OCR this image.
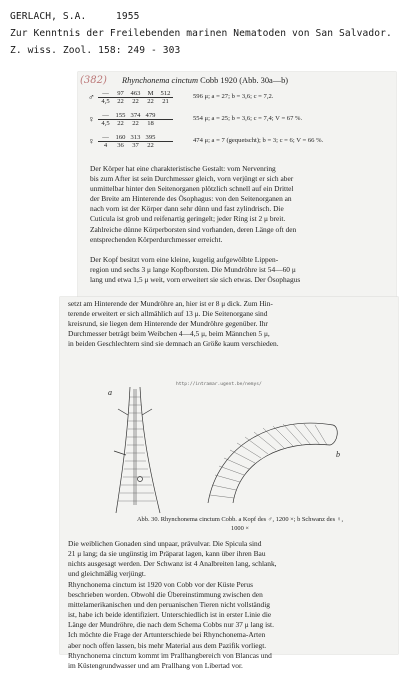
GERLACH, S.A.	1955
Zur Kenntnis der Freilebenden marinen Nematoden von San Salvador.
Z. wiss. Zool. 158: 249 - 303
(382) Rhynchonema cinctum Cobb 1920 (Abb. 30a—b)
♂	— 97 463 M 512
4,5 22 22 22 21
596 μ; a = 27; b = 3,6; c = 7,2.
♀	— 155 374 479
4,5 22 22 18
554 μ; a = 25; b = 3,6; c = 7,4; V = 67 %.
♀	— 160 313 395
4 36 37 22
474 μ; a = 7 (gequetscht); b = 3; c = 6; V = 66 %.
Der Körper hat eine charakteristische Gestalt: vom Nervenring
bis zum After ist sein Durchmesser gleich, vorn verjüngt er sich aber
unmittelbar hinter den Seitenorganen plötzlich schnell auf ein Drittel
der Breite am Hinterende des Ösophagus: von den Seitenorganen an
nach vorn ist der Körper dann sehr dünn und fast zylindrisch. Die
Cuticula ist grob und reifenartig geringelt; jeder Ring ist 2 μ breit.
Zahlreiche dünne Körperborsten sind vorhanden, deren Länge oft den
entsprechenden Körperdurchmesser erreicht.
Der Kopf besitzt vorn eine kleine, kugelig aufgewölbte Lippen-
region und sechs 3 μ lange Kopfborsten. Die Mundröhre ist 54—60 μ
lang und etwa 1,5 μ weit, vorn erweitert sie sich etwas. Der Ösophagus
setzt am Hinterende der Mundröhre an, hier ist er 8 μ dick. Zum Hin-
terende erweitert er sich allmählich auf 13 μ. Die Seitenorgane sind
kreisrund, sie liegen dem Hinterende der Mundröhre gegenüber. Ihr
Durchmesser beträgt beim Weibchen 4—4,5 μ, beim Männchen 5 μ,
in beiden Geschlechtern sind sie demnach an Größe kaum verschieden.
http://intramar.ugent.be/nemys/
a
b
Abb. 30. Rhynchonema cinctum Cobb. a Kopf des ♂, 1200 ×; b Schwanz des ♀,
1000 ×
Die weiblichen Gonaden sind unpaar, prävulvar. Die Spicula sind
21 μ lang; da sie ungünstig im Präparat lagen, kann über ihren Bau
nichts ausgesagt werden. Der Schwanz ist 4 Analbreiten lang, schlank,
und gleichmäßig verjüngt.
Rhynchonema cinctum ist 1920 von Cobb vor der Küste Perus
beschrieben worden. Obwohl die Übereinstimmung zwischen den
mittelamerikanischen und den peruanischen Tieren nicht vollständig
ist, habe ich beide identifiziert. Unterschiedlich ist in erster Linie die
Länge der Mundröhre, die nach dem Schema Cobbs nur 37 μ lang ist.
Ich möchte die Frage der Artunterschiede bei Rhynchonema-Arten
aber noch offen lassen, bis mehr Material aus dem Pazifik vorliegt.
Rhynchonema cinctum kommt im Prallhangbereich von Blancas und
im Küstengrundwasser und am Prallhang von Libertad vor.
